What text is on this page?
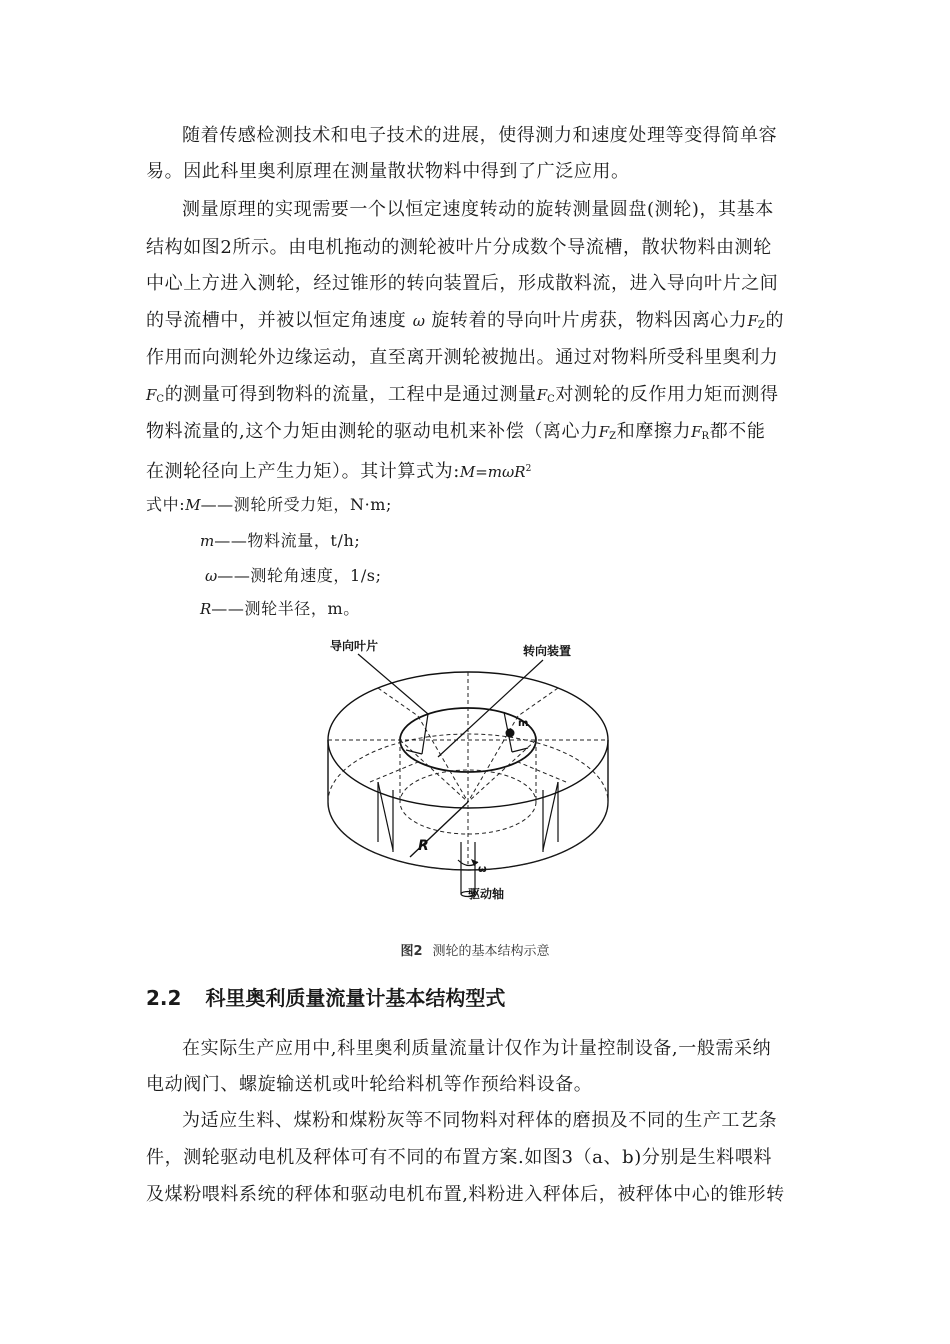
随着传感检测技术和电子技术的进展，使得测力和速度处理等变得简单容
易。因此科里奥利原理在测量散状物料中得到了广泛应用。
测量原理的实现需要一个以恒定速度转动的旋转测量圆盘(测轮)，其基本
结构如图2所示。由电机拖动的测轮被叶片分成数个导流槽，散状物料由测轮
中心上方进入测轮，经过锥形的转向装置后，形成散料流，进入导向叶片之间
的导流槽中，并被以恒定角速度 ω 旋转着的导向叶片虏获，物料因离心力$F_Z$的
作用而向测轮外边缘运动，直至离开测轮被抛出。通过对物料所受科里奥利力
$F_C$的测量可得到物料的流量，工程中是通过测量$F_C$对测轮的反作用力矩而测得
物料流量的,这个力矩由测轮的驱动电机来补偿（离心力$F_Z$和摩擦力$F_R$都不能
在测轮径向上产生力矩）。其计算式为:M=mωR$^2$
式中:M——测轮所受力矩，N·m;
m——物料流量，t/h;
ω——测轮角速度，1/s;
R——测轮半径，m。
导向叶片	转向装置
m
R
ω
驱动轴
图2 测轮的基本结构示意
2.2 科里奥利质量流量计基本结构型式
在实际生产应用中,科里奥利质量流量计仅作为计量控制设备,一般需采纳
电动阀门、螺旋输送机或叶轮给料机等作预给料设备。
为适应生料、煤粉和煤粉灰等不同物料对秤体的磨损及不同的生产工艺条
件，测轮驱动电机及秤体可有不同的布置方案.如图3（a、b)分别是生料喂料
及煤粉喂料系统的秤体和驱动电机布置,料粉进入秤体后，被秤体中心的锥形转
